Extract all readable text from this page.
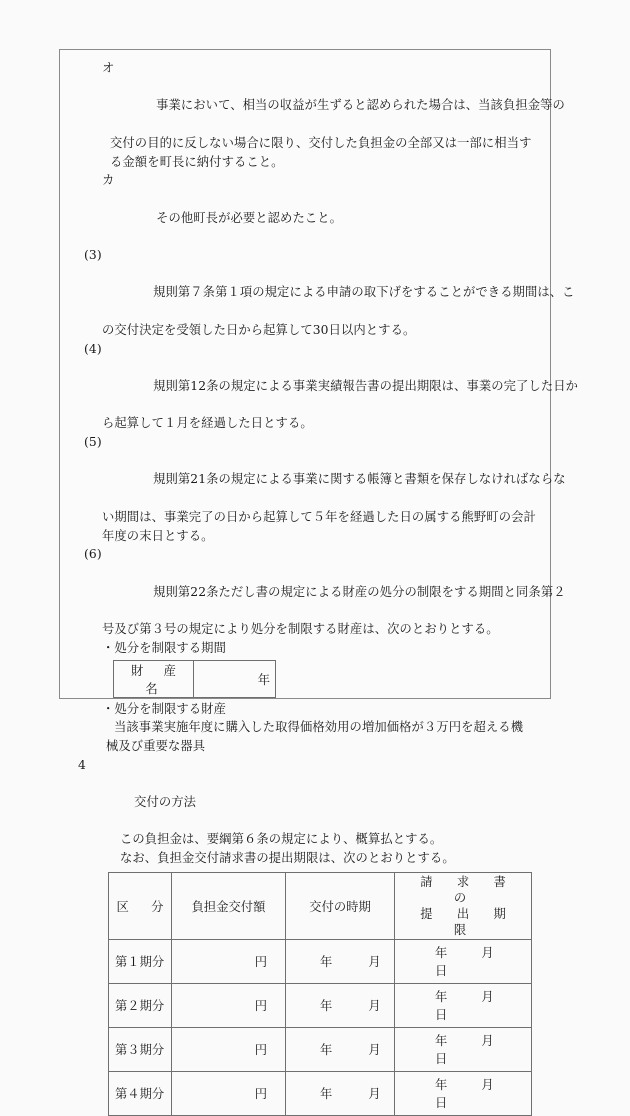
オ

事業において、相当の収益が生ずると認められた場合は、当該負担金等の

交付の目的に反しない場合に限り、交付した負担金の全部又は一部に相当す
る金額を町長に納付すること。

カ

その他町長が必要と認めたこと。

(3)

規則第７条第１項の規定による申請の取下げをすることができる期間は、こ

の交付決定を受領した日から起算して30日以内とする。

(4)

規則第12条の規定による事業実績報告書の提出期限は、事業の完了した日か

ら起算して１月を経過した日とする。

(5)

規則第21条の規定による事業に関する帳簿と書類を保存しなければならな

い期間は、事業完了の日から起算して５年を経過した日の属する熊野町の会計
年度の末日とする。

(6)

規則第22条ただし書の規定による財産の処分の制限をする期間と同条第２

号及び第３号の規定により処分を制限する財産は、次のとおりとする。
・処分を制限する期間
財　産　名	年
・処分を制限する財産
当該事業実施年度に購入した取得価格効用の増加価格が３万円を超える機
械及び重要な器具

4

交付の方法

この負担金は、要綱第６条の規定により、概算払とする。
なお、負担金交付請求書の提出期限は、次のとおりとする。
区　分	負担金交付額	交付の時期	請　求　書　の
提　出　期　限

第１期分	円	年 月	年 月日
第２期分	円	年 月	年 月日
第３期分	円	年 月	年 月日
第４期分	円	年 月	年 月日
